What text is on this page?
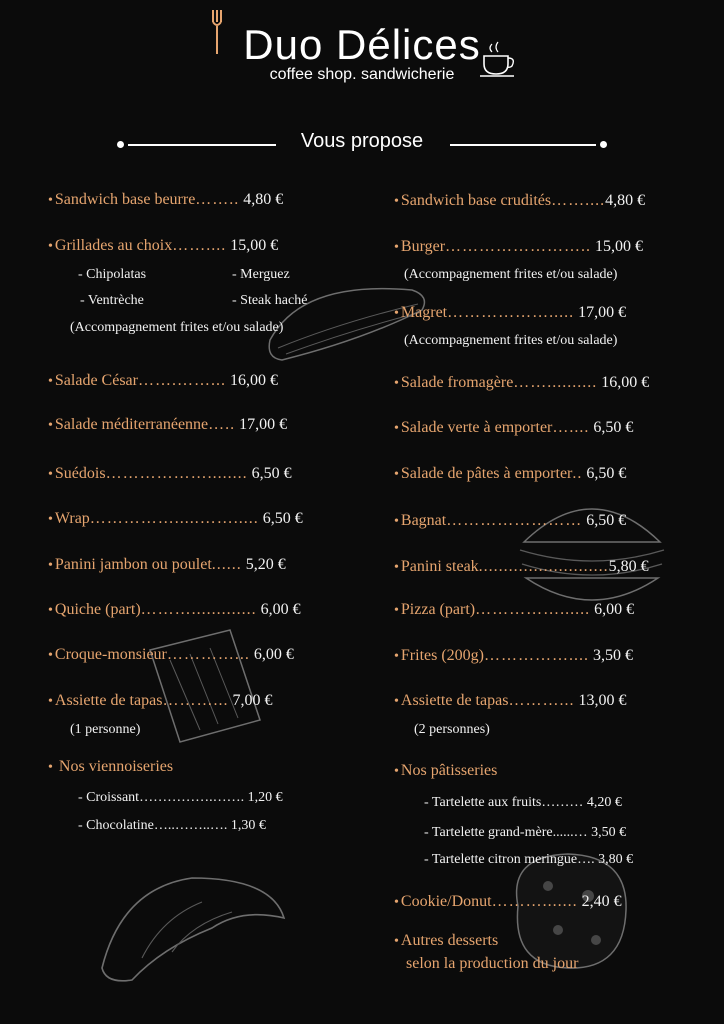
Duo Délices
coffee shop. sandwicherie
Vous propose
• Sandwich base beurre…….. 4,80 €
• Grillades au choix…….... 15,00 €
- Chipolatas	- Merguez
- Ventrèche	- Steak haché
(Accompagnement frites et/ou salade)
• Salade César…….……... 16,00 €
• Salade méditerranéenne….. 17,00 €
• Suédois………………........ 6,50 €
• Wrap…………….....……..... 6,50 €
• Panini jambon ou poulet...... 5,20 €
• Quiche (part)………............. 6,00 €
• Croque-monsieur…………... 6,00 €
• Assiette de tapas………... 7,00 €
(1 personne)
• Nos viennoiseries
- Croissant…………….……. 1,20 €
- Chocolatine…..……..…. 1,30 €
• Sandwich base crudités……....4,80 €
• Burger…………………….. 15,00 €
(Accompagnement frites et/ou salade)
• Magret………………..... 17,00 €
(Accompagnement frites et/ou salade)
• Salade fromagère…….......... 16,00 €
• Salade verte à emporter….... 6,50 €
• Salade de pâtes à emporter.. 6,50 €
• Bagnat…………………… 6,50 €
• Panini steak..........................5,80 €
• Pizza (part)……………...... 6,00 €
• Frites (200g)…………….... 3,50 €
• Assiette de tapas………... 13,00 €
(2 personnes)
• Nos pâtisseries
- Tartelette aux fruits……… 4,20 €
- Tartelette grand-mère......… 3,50 €
- Tartelette citron meringue…. 3,80 €
• Cookie/Donut………....... 2,40 €
• Autres desserts
selon la production du jour
